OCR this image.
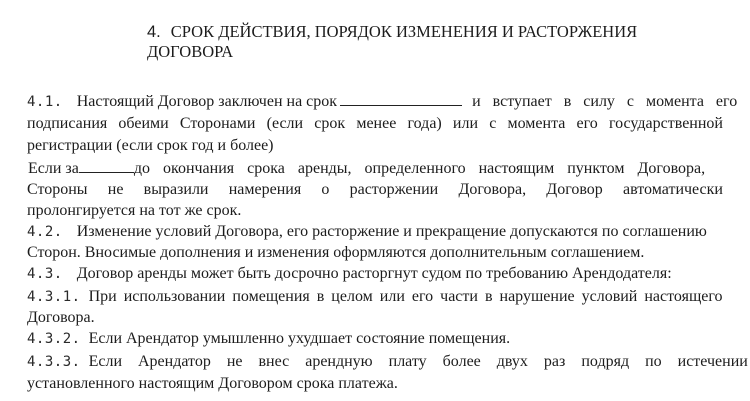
4. СРОК ДЕЙСТВИЯ, ПОРЯДОК ИЗМЕНЕНИЯ И РАСТОРЖЕНИЯ
ДОГОВОРА
4.1. Настоящий Договор заключен на срок	и вступает в силу с момента его
подписания обеими Сторонами (если срок менее года) или с момента его государственной
регистрации (если срок год и более)
Если за	до окончания срока аренды, определенного настоящим пунктом Договора,
Стороны не выразили намерения о расторжении Договора, Договор автоматически
пролонгируется на тот же срок.
4.2. Изменение условий Договора, его расторжение и прекращение допускаются по соглашению
Сторон. Вносимые дополнения и изменения оформляются дополнительным соглашением.
4.3. Договор аренды может быть досрочно расторгнут судом по требованию Арендодателя:
4.3.1. При использовании помещения в целом или его части в нарушение условий настоящего
Договора.
4.3.2. Если Арендатор умышленно ухудшает состояние помещения.
4.3.3. Если Арендатор не внес арендную плату более двух раз подряд по истечении
установленного настоящим Договором срока платежа.
